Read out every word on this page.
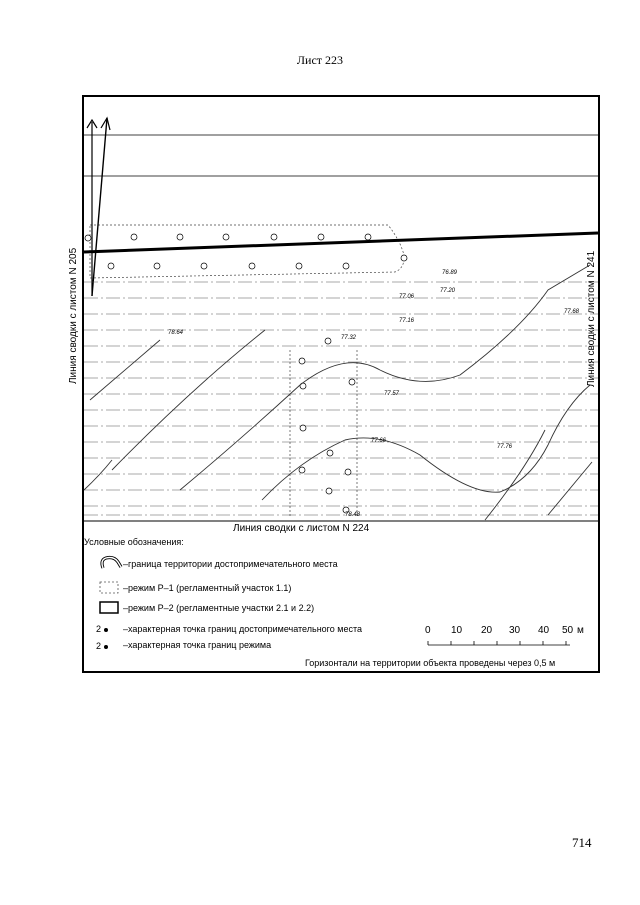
Лист 223
Линия сводки с листом N 205	Линия сводки с листом N 241
Линия сводки с листом N 224
78.64
77.32
77.57
77.06
77.20
77.16
76.89
77.66
77.76
78.48
77.68
0 10 20 30 40 50 м
Условные обозначения:
–граница территории достопримечательного места
–режим Р–1 (регламентный участок 1.1)
–режим Р–2 (регламентные участки 2.1 и 2.2)
2 –характерная точка границ достопримечательного места
2 –характерная точка границ режима
Горизонтали на территории объекта проведены через 0,5 м
714
